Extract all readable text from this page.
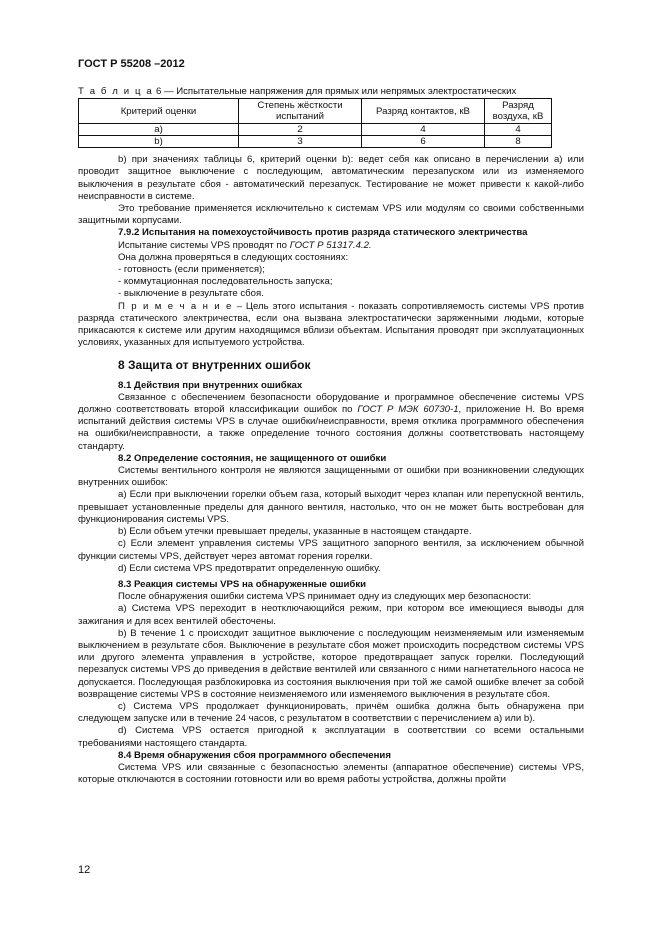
ГОСТ Р 55208 –2012

Т а б л и ц а 6 — Испытательные напряжения для прямых или непрямых электростатических

Критерий оценки	Степень жёсткости испытаний	Разряд контактов, кВ	Разряд воздуха, кВ
а)	2	4	4
b)	3	6	8

b) при значениях таблицы 6, критерий оценки b): ведет себя как описано в перечислении а) или проводит защитное выключение с последующим, автоматическим перезапуском или из изменяемого выключения в результате сбоя - автоматический перезапуск. Тестирование не может привести к какой-либо неисправности в системе.

Это требование применяется исключительно к системам VPS или модулям со своими собственными защитными корпусами.

7.9.2 Испытания на помехоустойчивость против разряда статического электричества

Испытание системы VPS проводят по ГОСТ Р 51317.4.2.

Она должна проверяться в следующих состояниях:

- готовность (если применяется);

- коммутационная последовательность запуска;

- выключение в результате сбоя.

П р и м е ч а н и е – Цель этого испытания - показать сопротивляемость системы VPS против разряда статического электричества, если она вызвана электростатически заряженными людьми, которые прикасаются к системе или другим находящимся вблизи объектам. Испытания проводят при эксплуатационных условиях, указанных для испытуемого устройства.

8 Защита от внутренних ошибок

8.1 Действия при внутренних ошибках

Связанное с обеспечением безопасности оборудование и программное обеспечение системы VPS должно соответствовать второй классификации ошибок по ГОСТ Р МЭК 60730-1, приложение H. Во время испытаний действия системы VPS в случае ошибки/неисправности, время отклика программного обеспечения на ошибки/неисправности, а также определение точного состояния должны соответствовать настоящему стандарту.

8.2 Определение состояния, не защищенного от ошибки

Системы вентильного контроля не являются защищенными от ошибки при возникновении следующих внутренних ошибок:

а) Если при выключении горелки объем газа, который выходит через клапан или перепускной вентиль, превышает установленные пределы для данного вентиля, настолько, что он не может быть востребован для функционирования системы VPS.

b) Если объем утечки превышает пределы, указанные в настоящем стандарте.

c) Если элемент управления системы VPS защитного запорного вентиля, за исключением обычной функции системы VPS, действует через автомат горения горелки.

d) Если система VPS предотвратит определенную ошибку.

8.3 Реакция системы VPS на обнаруженные ошибки

После обнаружения ошибки система VPS принимает одну из следующих мер безопасности:

а) Система VPS переходит в неотключающийся режим, при котором все имеющиеся выводы для зажигания и для всех вентилей обесточены.

b) В течение 1 с происходит защитное выключение с последующим неизменяемым или изменяемым выключением в результате сбоя. Выключение в результате сбоя может происходить посредством системы VPS или другого элемента управления в устройстве, которое предотвращает запуск горелки. Последующий перезапуск системы VPS до приведения в действие вентилей или связанного с ними нагнетательного насоса не допускается. Последующая разблокировка из состояния выключения при той же самой ошибке влечет за собой возвращение системы VPS в состояние неизменяемого или изменяемого выключения в результате сбоя.

c) Система VPS продолжает функционировать, причём ошибка должна быть обнаружена при следующем запуске или в течение 24 часов, с результатом в соответствии с перечислением а) или b).

d) Система VPS остается пригодной к эксплуатации в соответствии со всеми остальными требованиями настоящего стандарта.

8.4 Время обнаружения сбоя программного обеспечения

Система VPS или связанные с безопасностью элементы (аппаратное обеспечение) системы VPS, которые отключаются в состоянии готовности или во время работы устройства, должны пройти

12
